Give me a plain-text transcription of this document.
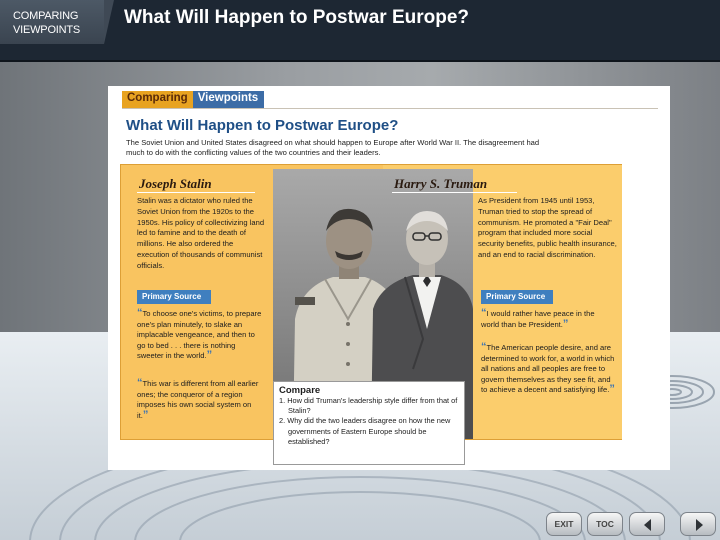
COMPARING
VIEWPOINTS
What Will Happen to Postwar Europe?
Comparing Viewpoints
What Will Happen to Postwar Europe?
The Soviet Union and United States disagreed on what should happen to Europe after World War II. The disagreement had much to do with the conflicting values of the two countries and their leaders.
Joseph Stalin
Stalin was a dictator who ruled the Soviet Union from the 1920s to the 1950s. His policy of collectivizing land led to famine and to the death of millions. He also ordered the execution of thousands of communist officials.
Primary Source
“To choose one's victims, to prepare one's plan minutely, to slake an implacable vengeance, and then to go to bed . . . there is nothing sweeter in the world.”
“This war is different from all earlier ones; the conqueror of a region imposes his own social system on it.”
Harry S. Truman
As President from 1945 until 1953, Truman tried to stop the spread of communism. He promoted a "Fair Deal" program that included more social security benefits, public health insurance, and an end to racial discrimination.
Primary Source
“I would rather have peace in the world than be President.”
“The American people desire, and are determined to work for, a world in which all nations and all peoples are free to govern themselves as they see fit, and to achieve a decent and satisfying life.”
Compare
1. How did Truman's leadership style differ from that of Stalin?
2. Why did the two leaders disagree on how the new governments of Eastern Europe should be established?
EXIT	TOC
